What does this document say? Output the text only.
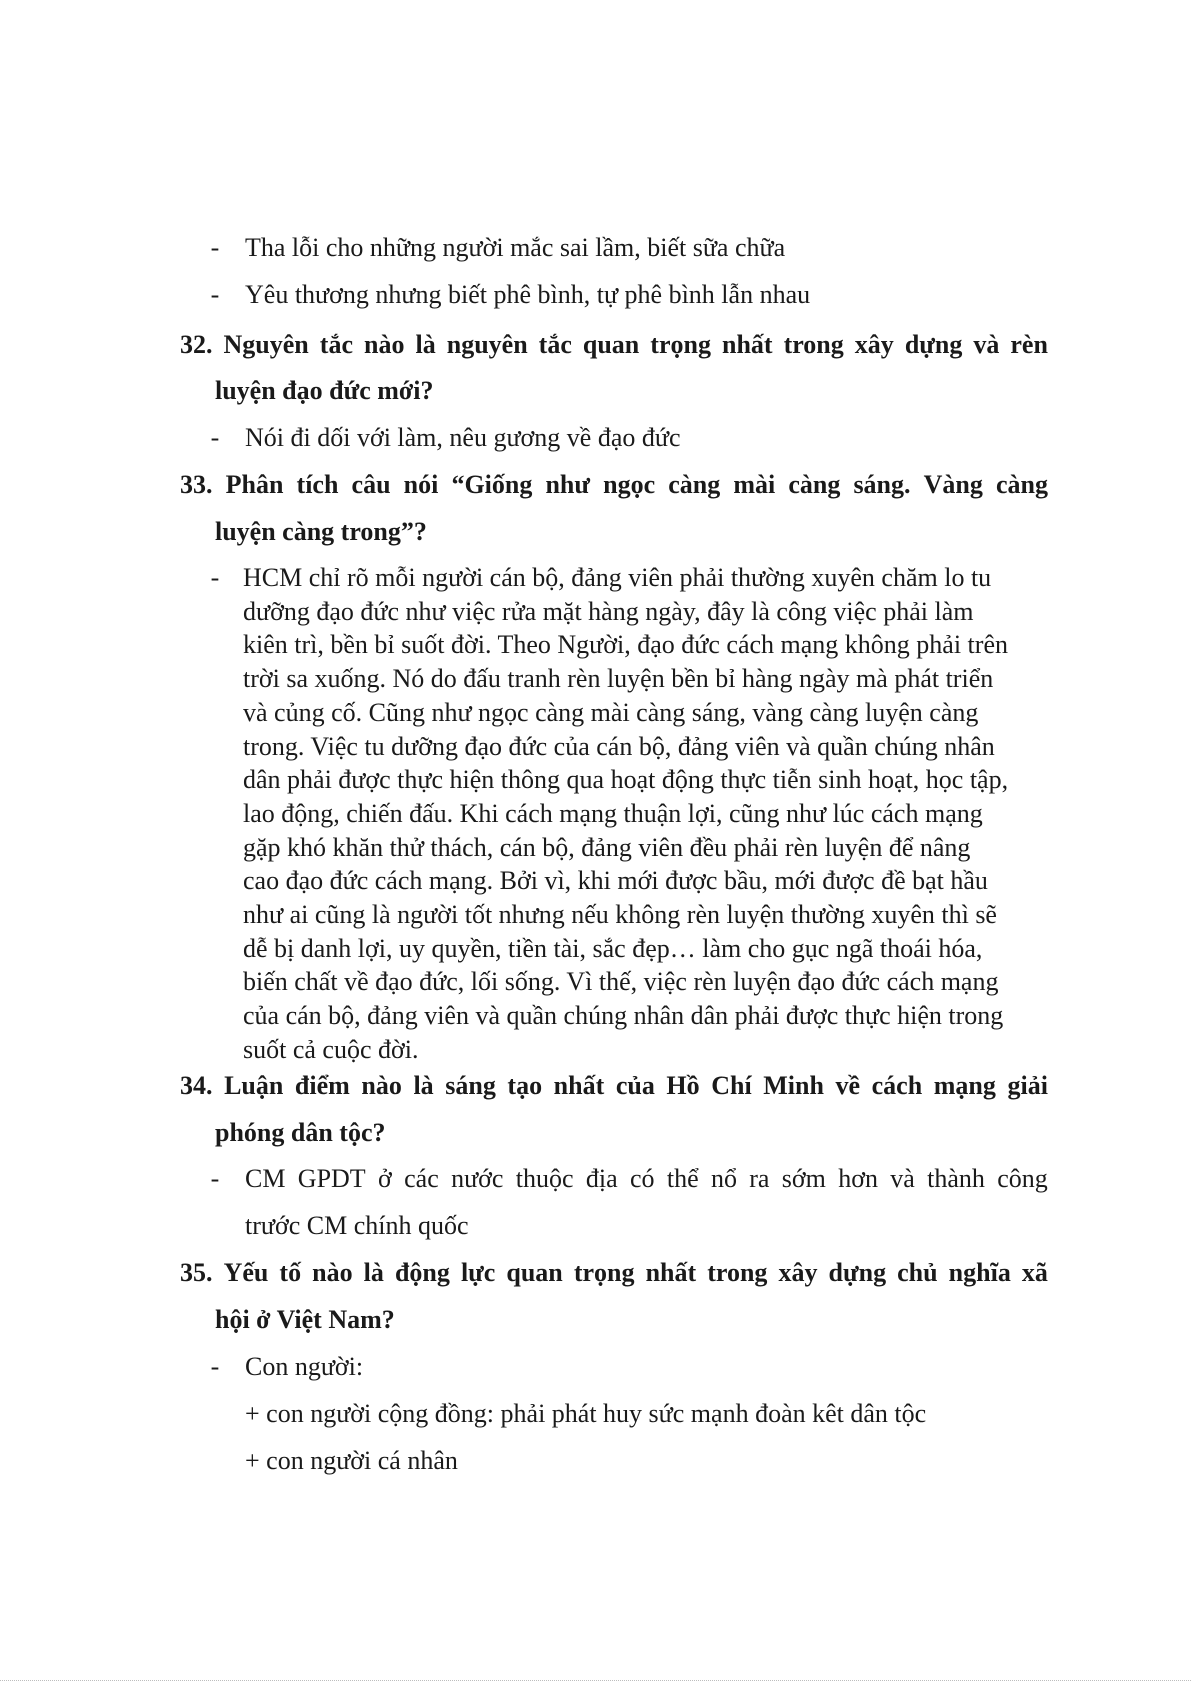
- Tha lỗi cho những người mắc sai lầm, biết sữa chữa
- Yêu thương nhưng biết phê bình, tự phê bình lẫn nhau
32. Nguyên tắc nào là nguyên tắc quan trọng nhất trong xây dựng và rèn
luyện đạo đức mới?
- Nói đi dối với làm, nêu gương về đạo đức
33. Phân tích câu nói “Giống như ngọc càng mài càng sáng. Vàng càng
luyện càng trong”?
- HCM chỉ rõ mỗi người cán bộ, đảng viên phải thường xuyên chăm lo tu
dưỡng đạo đức như việc rửa mặt hàng ngày, đây là công việc phải làm
kiên trì, bền bỉ suốt đời. Theo Người, đạo đức cách mạng không phải trên
trời sa xuống. Nó do đấu tranh rèn luyện bền bỉ hàng ngày mà phát triển
và củng cố. Cũng như ngọc càng mài càng sáng, vàng càng luyện càng
trong. Việc tu dưỡng đạo đức của cán bộ, đảng viên và quần chúng nhân
dân phải được thực hiện thông qua hoạt động thực tiễn sinh hoạt, học tập,
lao động, chiến đấu. Khi cách mạng thuận lợi, cũng như lúc cách mạng
gặp khó khăn thử thách, cán bộ, đảng viên đều phải rèn luyện để nâng
cao đạo đức cách mạng. Bởi vì, khi mới được bầu, mới được đề bạt hầu
như ai cũng là người tốt nhưng nếu không rèn luyện thường xuyên thì sẽ
dễ bị danh lợi, uy quyền, tiền tài, sắc đẹp… làm cho gục ngã thoái hóa,
biến chất về đạo đức, lối sống. Vì thế, việc rèn luyện đạo đức cách mạng
của cán bộ, đảng viên và quần chúng nhân dân phải được thực hiện trong
suốt cả cuộc đời.

34. Luận điểm nào là sáng tạo nhất của Hồ Chí Minh về cách mạng giải
phóng dân tộc?
- CM GPDT ở các nước thuộc địa có thể nổ ra sớm hơn và thành công
trước CM chính quốc
35. Yếu tố nào là động lực quan trọng nhất trong xây dựng chủ nghĩa xã
hội ở Việt Nam?
- Con người:
+ con người cộng đồng: phải phát huy sức mạnh đoàn kêt dân tộc
+ con người cá nhân
